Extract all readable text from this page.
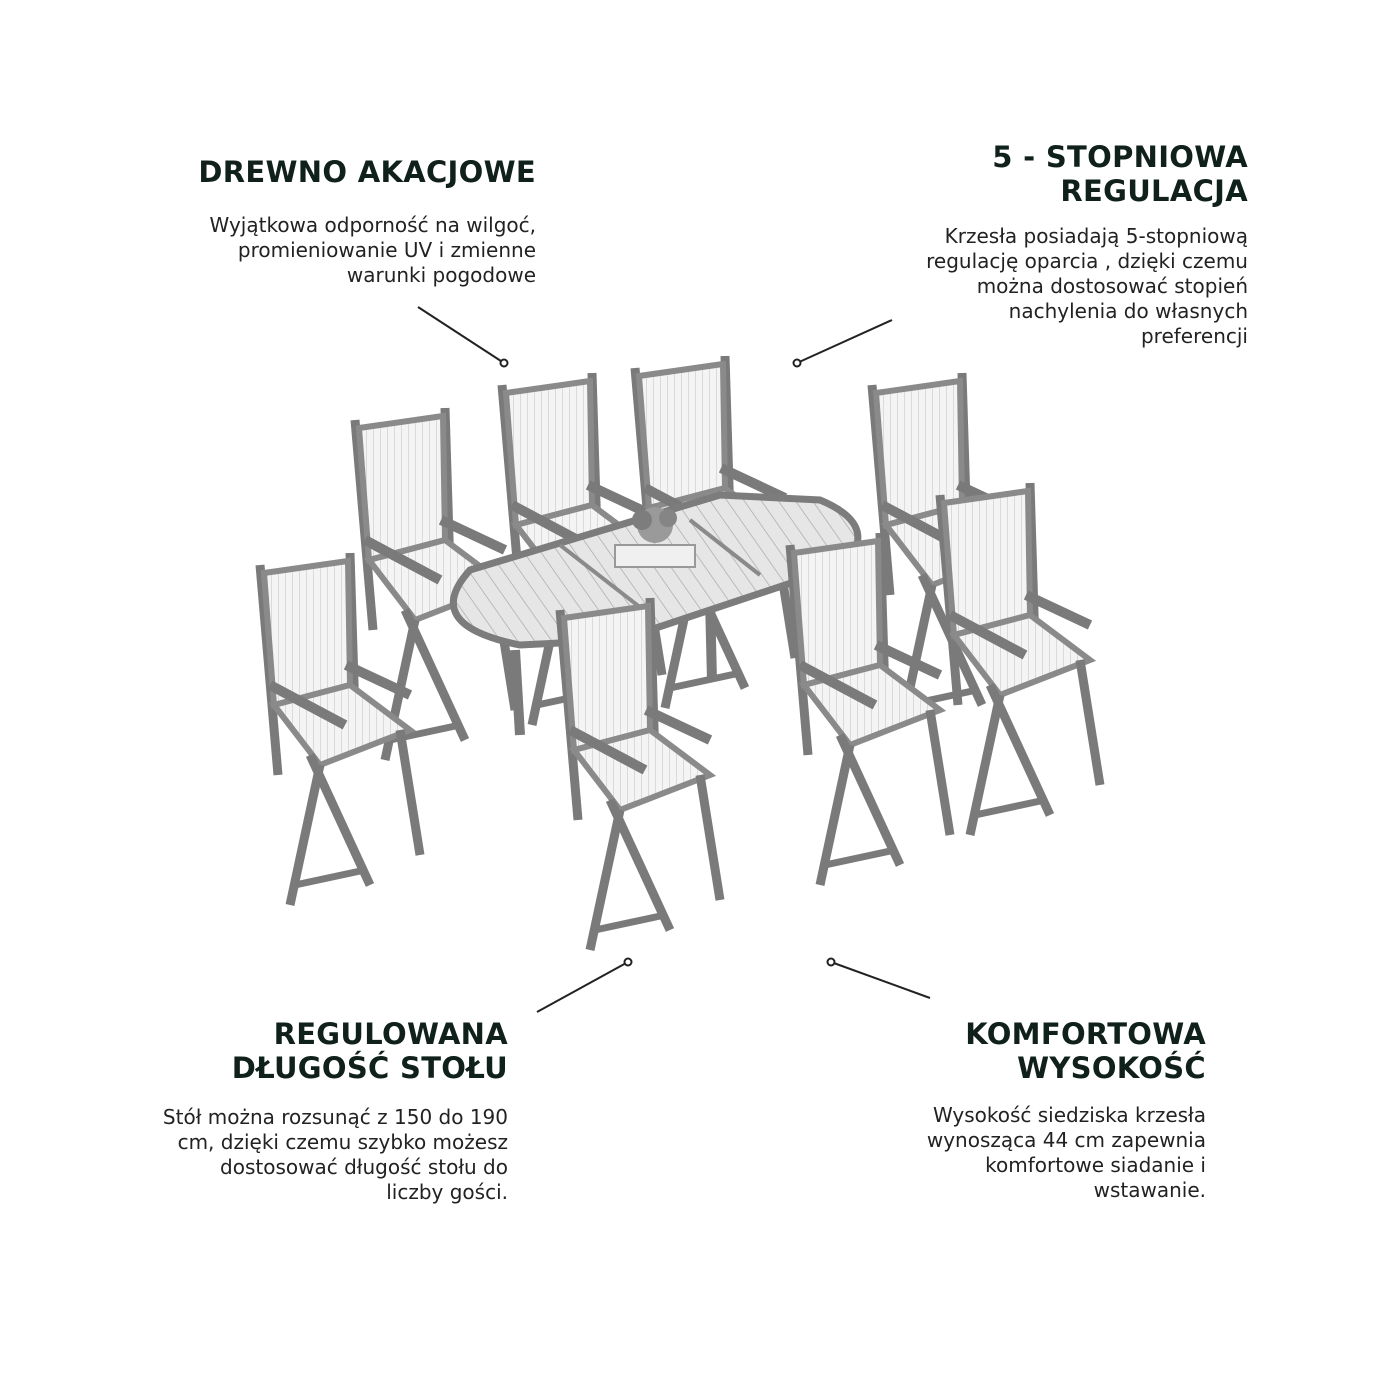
DREWNO AKACJOWE

Wyjątkowa odporność na wilgoć,
promieniowanie UV i zmienne
warunki pogodowe

5 - STOPNIOWA
REGULACJA

Krzesła posiadają 5-stopniową
regulację oparcia , dzięki czemu
można dostosować stopień
nachylenia do własnych
preferencji

REGULOWANA
DŁUGOŚĆ STOŁU

Stół można rozsunąć z 150 do 190
cm, dzięki czemu szybko możesz
dostosować długość stołu do
liczby gości.

KOMFORTOWA
WYSOKOŚĆ

Wysokość siedziska krzesła
wynosząca 44 cm zapewnia
komfortowe siadanie i
wstawanie.
